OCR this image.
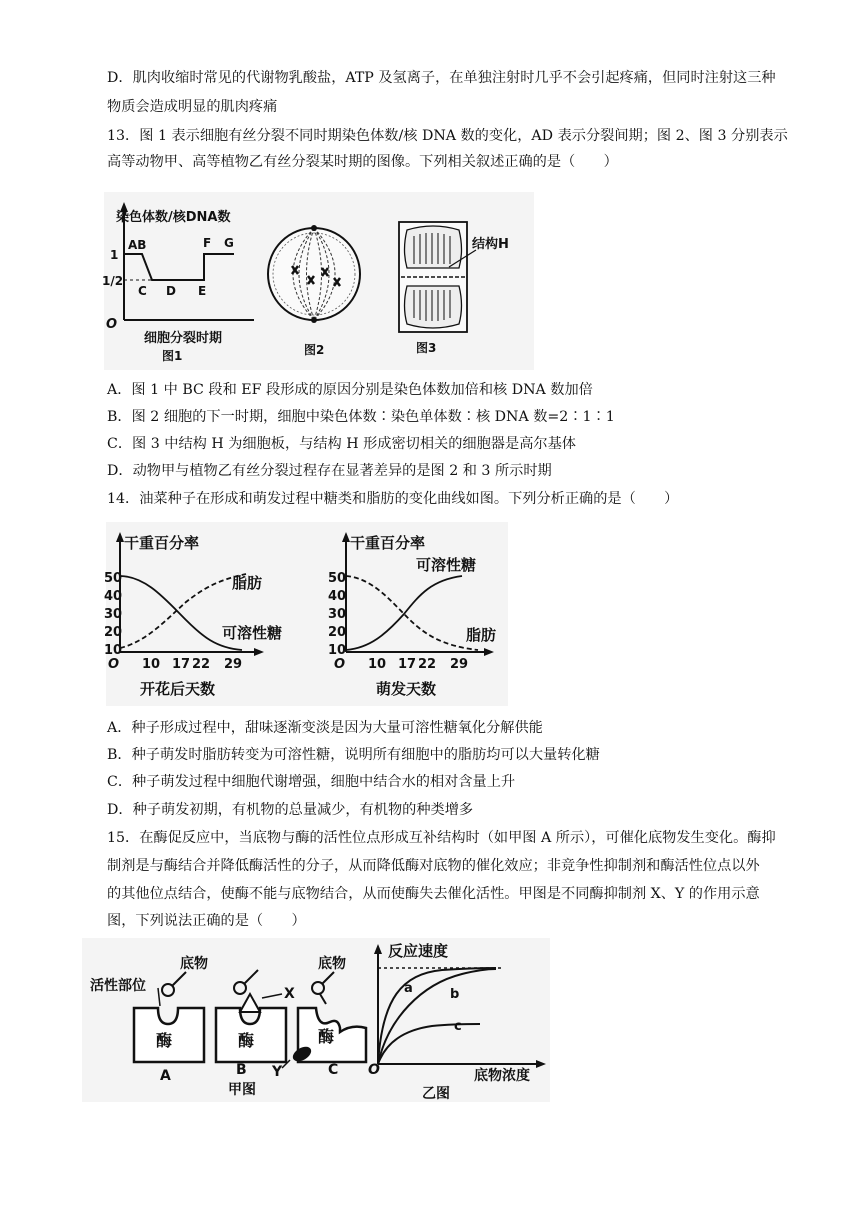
D．肌肉收缩时常见的代谢物乳酸盐，ATP 及氢离子，在单独注射时几乎不会引起疼痛，但同时注射这三种
物质会造成明显的肌肉疼痛
13．图 1 表示细胞有丝分裂不同时期染色体数/核 DNA 数的变化，AD 表示分裂间期；图 2、图 3 分别表示
高等动物甲、高等植物乙有丝分裂某时期的图像。下列相关叙述正确的是（　　）
染色体数/核DNA数
1
1/2
O
AB
C D E
F G
细胞分裂时期
图1	图2
结构H
图3
A．图 1 中 BC 段和 EF 段形成的原因分别是染色体数加倍和核 DNA 数加倍
B．图 2 细胞的下一时期，细胞中染色体数∶染色单体数∶核 DNA 数=2∶1∶1
C．图 3 中结构 H 为细胞板，与结构 H 形成密切相关的细胞器是高尔基体
D．动物甲与植物乙有丝分裂过程存在显著差异的是图 2 和 3 所示时期
14．油菜种子在形成和萌发过程中糖类和脂肪的变化曲线如图。下列分析正确的是（　　）
干重百分率
50
40
30
20
10
O 10 17 22 29
脂肪
可溶性糖
开花后天数
干重百分率
50
40
30
20
10
O 10 17 22 29
可溶性糖
脂肪
萌发天数
A．种子形成过程中，甜味逐渐变淡是因为大量可溶性糖氧化分解供能
B．种子萌发时脂肪转变为可溶性糖，说明所有细胞中的脂肪均可以大量转化糖
C．种子萌发过程中细胞代谢增强，细胞中结合水的相对含量上升
D．种子萌发初期，有机物的总量减少，有机物的种类增多
15．在酶促反应中，当底物与酶的活性位点形成互补结构时（如甲图 A 所示），可催化底物发生变化。酶抑
制剂是与酶结合并降低酶活性的分子，从而降低酶对底物的催化效应；非竞争性抑制剂和酶活性位点以外
的其他位点结合，使酶不能与底物结合，从而使酶失去催化活性。甲图是不同酶抑制剂 X、Y 的作用示意
图，下列说法正确的是（　　）
活性部位
底物	底物
X
酶	酶	酶
A	B Y	C
甲图
反应速度
a	b
c
O	底物浓度
乙图
